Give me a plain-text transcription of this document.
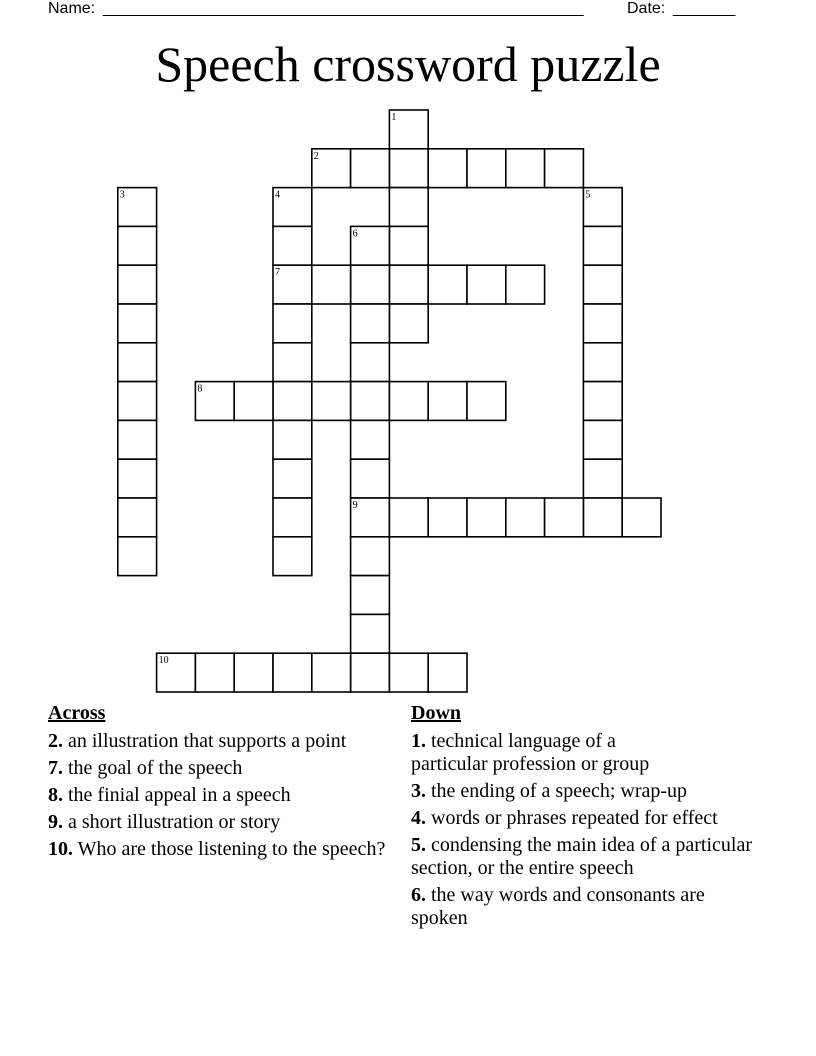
Name: ______________________________________________________	Date: _______
Speech crossword puzzle
1
2
3	4	5
6
7
8
9
10
Across
2. an illustration that supports a point
7. the goal of the speech
8. the finial appeal in a speech
9. a short illustration or story
10. Who are those listening to the speech?
Down
1. technical language of a particular profession or group
3. the ending of a speech; wrap-up
4. words or phrases repeated for effect
5. condensing the main idea of a particular section, or the entire speech
6. the way words and consonants are spoken
